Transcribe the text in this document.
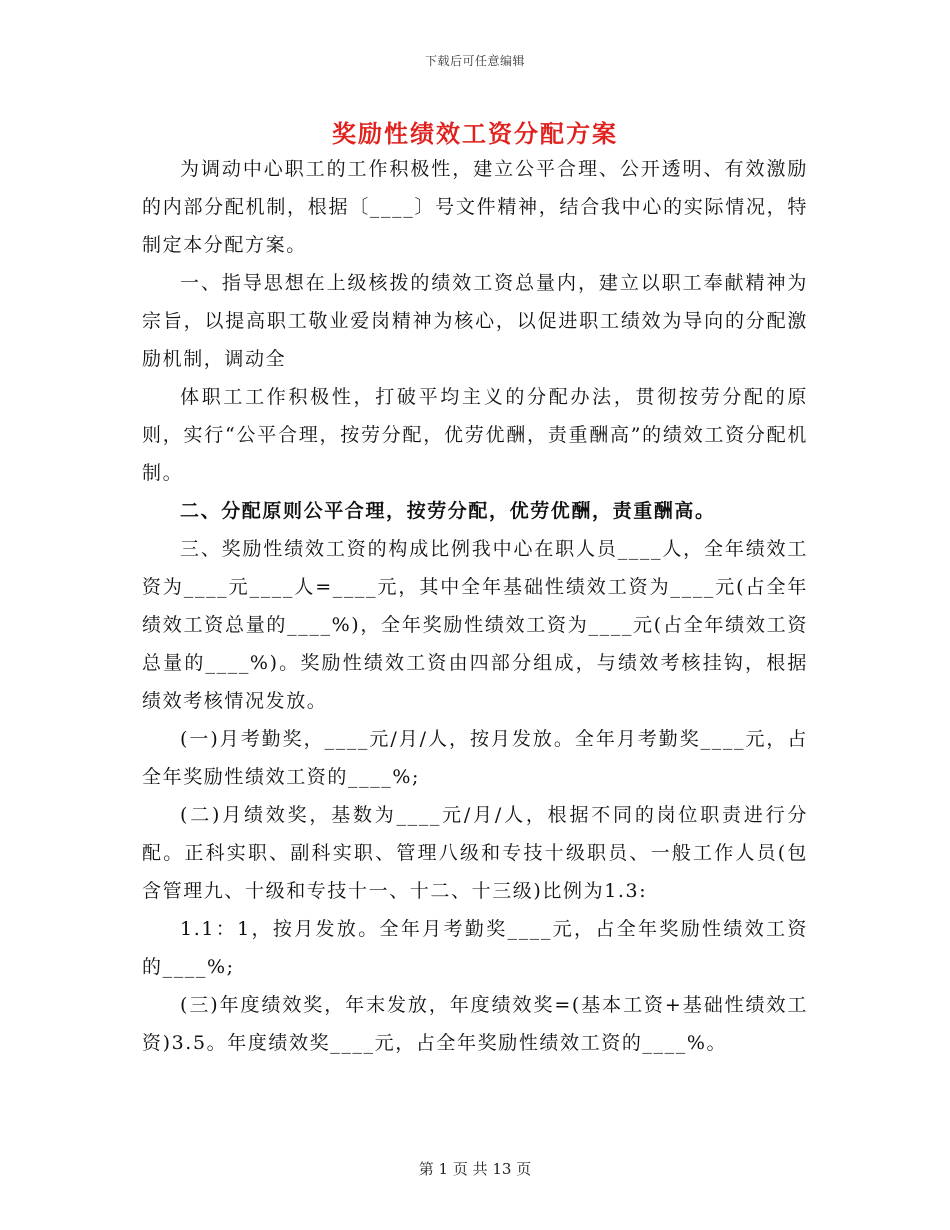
下载后可任意编辑
奖励性绩效工资分配方案

为调动中心职工的工作积极性，建立公平合理、公开透明、有效激励的内部分配机制，根据〔____〕号文件精神，结合我中心的实际情况，特制定本分配方案。

一、指导思想在上级核拨的绩效工资总量内，建立以职工奉献精神为宗旨，以提高职工敬业爱岗精神为核心，以促进职工绩效为导向的分配激励机制，调动全

体职工工作积极性，打破平均主义的分配办法，贯彻按劳分配的原则，实行“公平合理，按劳分配，优劳优酬，责重酬高”的绩效工资分配机制。

二、分配原则公平合理，按劳分配，优劳优酬，责重酬高。

三、奖励性绩效工资的构成比例我中心在职人员____人，全年绩效工资为____元____人=____元，其中全年基础性绩效工资为____元(占全年绩效工资总量的____%)，全年奖励性绩效工资为____元(占全年绩效工资总量的____%)。奖励性绩效工资由四部分组成，与绩效考核挂钩，根据绩效考核情况发放。

(一)月考勤奖，____元/月/人，按月发放。全年月考勤奖____元，占全年奖励性绩效工资的____%;

(二)月绩效奖，基数为____元/月/人，根据不同的岗位职责进行分配。正科实职、副科实职、管理八级和专技十级职员、一般工作人员(包含管理九、十级和专技十一、十二、十三级)比例为1.3:

1.1：1，按月发放。全年月考勤奖____元，占全年奖励性绩效工资的____%;

(三)年度绩效奖，年末发放，年度绩效奖=(基本工资+基础性绩效工资)3.5。年度绩效奖____元，占全年奖励性绩效工资的____%。

第 1 页 共 13 页
